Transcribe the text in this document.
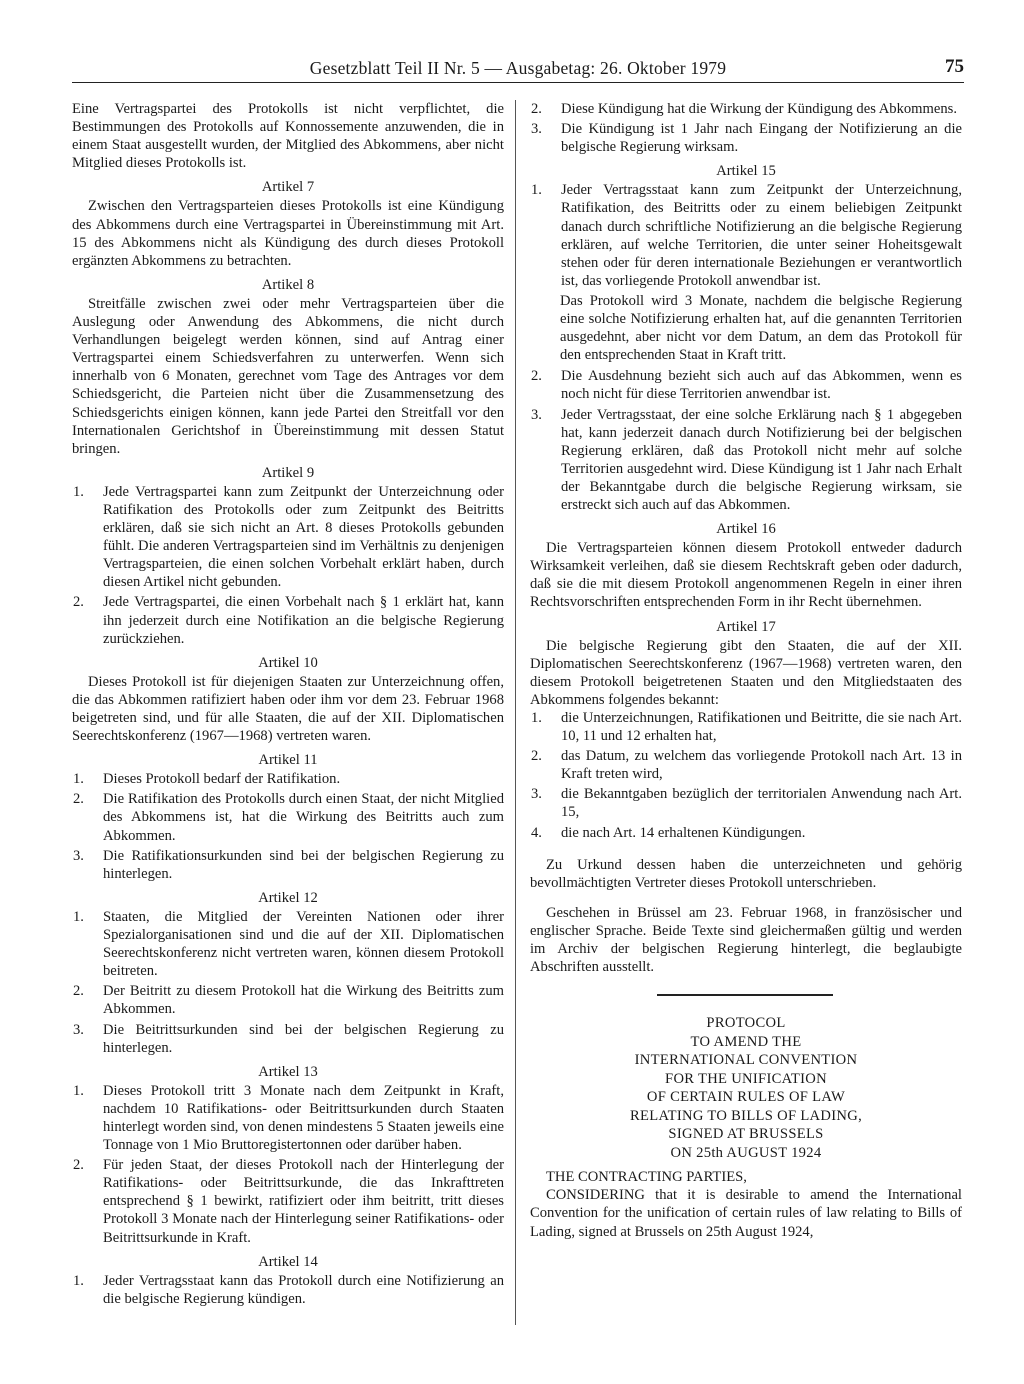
Gesetzblatt Teil II Nr. 5 — Ausgabetag: 26. Oktober 1979	75

Eine Vertragspartei des Protokolls ist nicht verpflichtet, die Bestimmungen des Protokolls auf Konnossemente anzuwenden, die in einem Staat ausgestellt wurden, der Mitglied des Abkommens, aber nicht Mitglied dieses Protokolls ist.

Artikel 7

Zwischen den Vertragsparteien dieses Protokolls ist eine Kündigung des Abkommens durch eine Vertragspartei in Übereinstimmung mit Art. 15 des Abkommens nicht als Kündigung des durch dieses Protokoll ergänzten Abkommens zu betrachten.

Artikel 8

Streitfälle zwischen zwei oder mehr Vertragsparteien über die Auslegung oder Anwendung des Abkommens, die nicht durch Verhandlungen beigelegt werden können, sind auf Antrag einer Vertragspartei einem Schiedsverfahren zu unterwerfen. Wenn sich innerhalb von 6 Monaten, gerechnet vom Tage des Antrages vor dem Schiedsgericht, die Parteien nicht über die Zusammensetzung des Schiedsgerichts einigen können, kann jede Partei den Streitfall vor den Internationalen Gerichtshof in Übereinstimmung mit dessen Statut bringen.

Artikel 9
1.	Jede Vertragspartei kann zum Zeitpunkt der Unterzeichnung oder Ratifikation des Protokolls oder zum Zeitpunkt des Beitritts erklären, daß sie sich nicht an Art. 8 dieses Protokolls gebunden fühlt. Die anderen Vertragsparteien sind im Verhältnis zu denjenigen Vertragsparteien, die einen solchen Vorbehalt erklärt haben, durch diesen Artikel nicht gebunden.
2.	Jede Vertragspartei, die einen Vorbehalt nach § 1 erklärt hat, kann ihn jederzeit durch eine Notifikation an die belgische Regierung zurückziehen.
Artikel 10

Dieses Protokoll ist für diejenigen Staaten zur Unterzeichnung offen, die das Abkommen ratifiziert haben oder ihm vor dem 23. Februar 1968 beigetreten sind, und für alle Staaten, die auf der XII. Diplomatischen Seerechtskonferenz (1967—1968) vertreten waren.

Artikel 11
1.	Dieses Protokoll bedarf der Ratifikation.
2.	Die Ratifikation des Protokolls durch einen Staat, der nicht Mitglied des Abkommens ist, hat die Wirkung des Beitritts auch zum Abkommen.
3.	Die Ratifikationsurkunden sind bei der belgischen Regierung zu hinterlegen.
Artikel 12
1.	Staaten, die Mitglied der Vereinten Nationen oder ihrer Spezialorganisationen sind und die auf der XII. Diplomatischen Seerechtskonferenz nicht vertreten waren, können diesem Protokoll beitreten.
2.	Der Beitritt zu diesem Protokoll hat die Wirkung des Beitritts zum Abkommen.
3.	Die Beitrittsurkunden sind bei der belgischen Regierung zu hinterlegen.
Artikel 13
1.	Dieses Protokoll tritt 3 Monate nach dem Zeitpunkt in Kraft, nachdem 10 Ratifikations- oder Beitrittsurkunden durch Staaten hinterlegt worden sind, von denen mindestens 5 Staaten jeweils eine Tonnage von 1 Mio Bruttoregistertonnen oder darüber haben.
2.	Für jeden Staat, der dieses Protokoll nach der Hinterlegung der Ratifikations- oder Beitrittsurkunde, die das Inkrafttreten entsprechend § 1 bewirkt, ratifiziert oder ihm beitritt, tritt dieses Protokoll 3 Monate nach der Hinterlegung seiner Ratifikations- oder Beitrittsurkunde in Kraft.
Artikel 14
1.	Jeder Vertragsstaat kann das Protokoll durch eine Notifizierung an die belgische Regierung kündigen.
2.	Diese Kündigung hat die Wirkung der Kündigung des Abkommens.
3.	Die Kündigung ist 1 Jahr nach Eingang der Notifizierung an die belgische Regierung wirksam.
Artikel 15
1.	Jeder Vertragsstaat kann zum Zeitpunkt der Unterzeichnung, Ratifikation, des Beitritts oder zu einem beliebigen Zeitpunkt danach durch schriftliche Notifizierung an die belgische Regierung erklären, auf welche Territorien, die unter seiner Hoheitsgewalt stehen oder für deren internationale Beziehungen er verantwortlich ist, das vorliegende Protokoll anwendbar ist.

Das Protokoll wird 3 Monate, nachdem die belgische Regierung eine solche Notifizierung erhalten hat, auf die genannten Territorien ausgedehnt, aber nicht vor dem Datum, an dem das Protokoll für den entsprechenden Staat in Kraft tritt.

2.	Die Ausdehnung bezieht sich auch auf das Abkommen, wenn es noch nicht für diese Territorien anwendbar ist.
3.	Jeder Vertragsstaat, der eine solche Erklärung nach § 1 abgegeben hat, kann jederzeit danach durch Notifizierung bei der belgischen Regierung erklären, daß das Protokoll nicht mehr auf solche Territorien ausgedehnt wird. Diese Kündigung ist 1 Jahr nach Erhalt der Bekanntgabe durch die belgische Regierung wirksam, sie erstreckt sich auch auf das Abkommen.
Artikel 16

Die Vertragsparteien können diesem Protokoll entweder dadurch Wirksamkeit verleihen, daß sie diesem Rechtskraft geben oder dadurch, daß sie die mit diesem Protokoll angenommenen Regeln in einer ihren Rechtsvorschriften entsprechenden Form in ihr Recht übernehmen.

Artikel 17

Die belgische Regierung gibt den Staaten, die auf der XII. Diplomatischen Seerechtskonferenz (1967—1968) vertreten waren, den diesem Protokoll beigetretenen Staaten und den Mitgliedstaaten des Abkommens folgendes bekannt:

1.	die Unterzeichnungen, Ratifikationen und Beitritte, die sie nach Art. 10, 11 und 12 erhalten hat,
2.	das Datum, zu welchem das vorliegende Protokoll nach Art. 13 in Kraft treten wird,
3.	die Bekanntgaben bezüglich der territorialen Anwendung nach Art. 15,
4.	die nach Art. 14 erhaltenen Kündigungen.

Zu Urkund dessen haben die unterzeichneten und gehörig bevollmächtigten Vertreter dieses Protokoll unterschrieben.

Geschehen in Brüssel am 23. Februar 1968, in französischer und englischer Sprache. Beide Texte sind gleichermaßen gültig und werden im Archiv der belgischen Regierung hinterlegt, die beglaubigte Abschriften ausstellt.

PROTOCOL
TO AMEND THE
INTERNATIONAL CONVENTION
FOR THE UNIFICATION
OF CERTAIN RULES OF LAW
RELATING TO BILLS OF LADING,
SIGNED AT BRUSSELS
ON 25th AUGUST 1924

THE CONTRACTING PARTIES,

CONSIDERING that it is desirable to amend the International Convention for the unification of certain rules of law relating to Bills of Lading, signed at Brussels on 25th August 1924,
